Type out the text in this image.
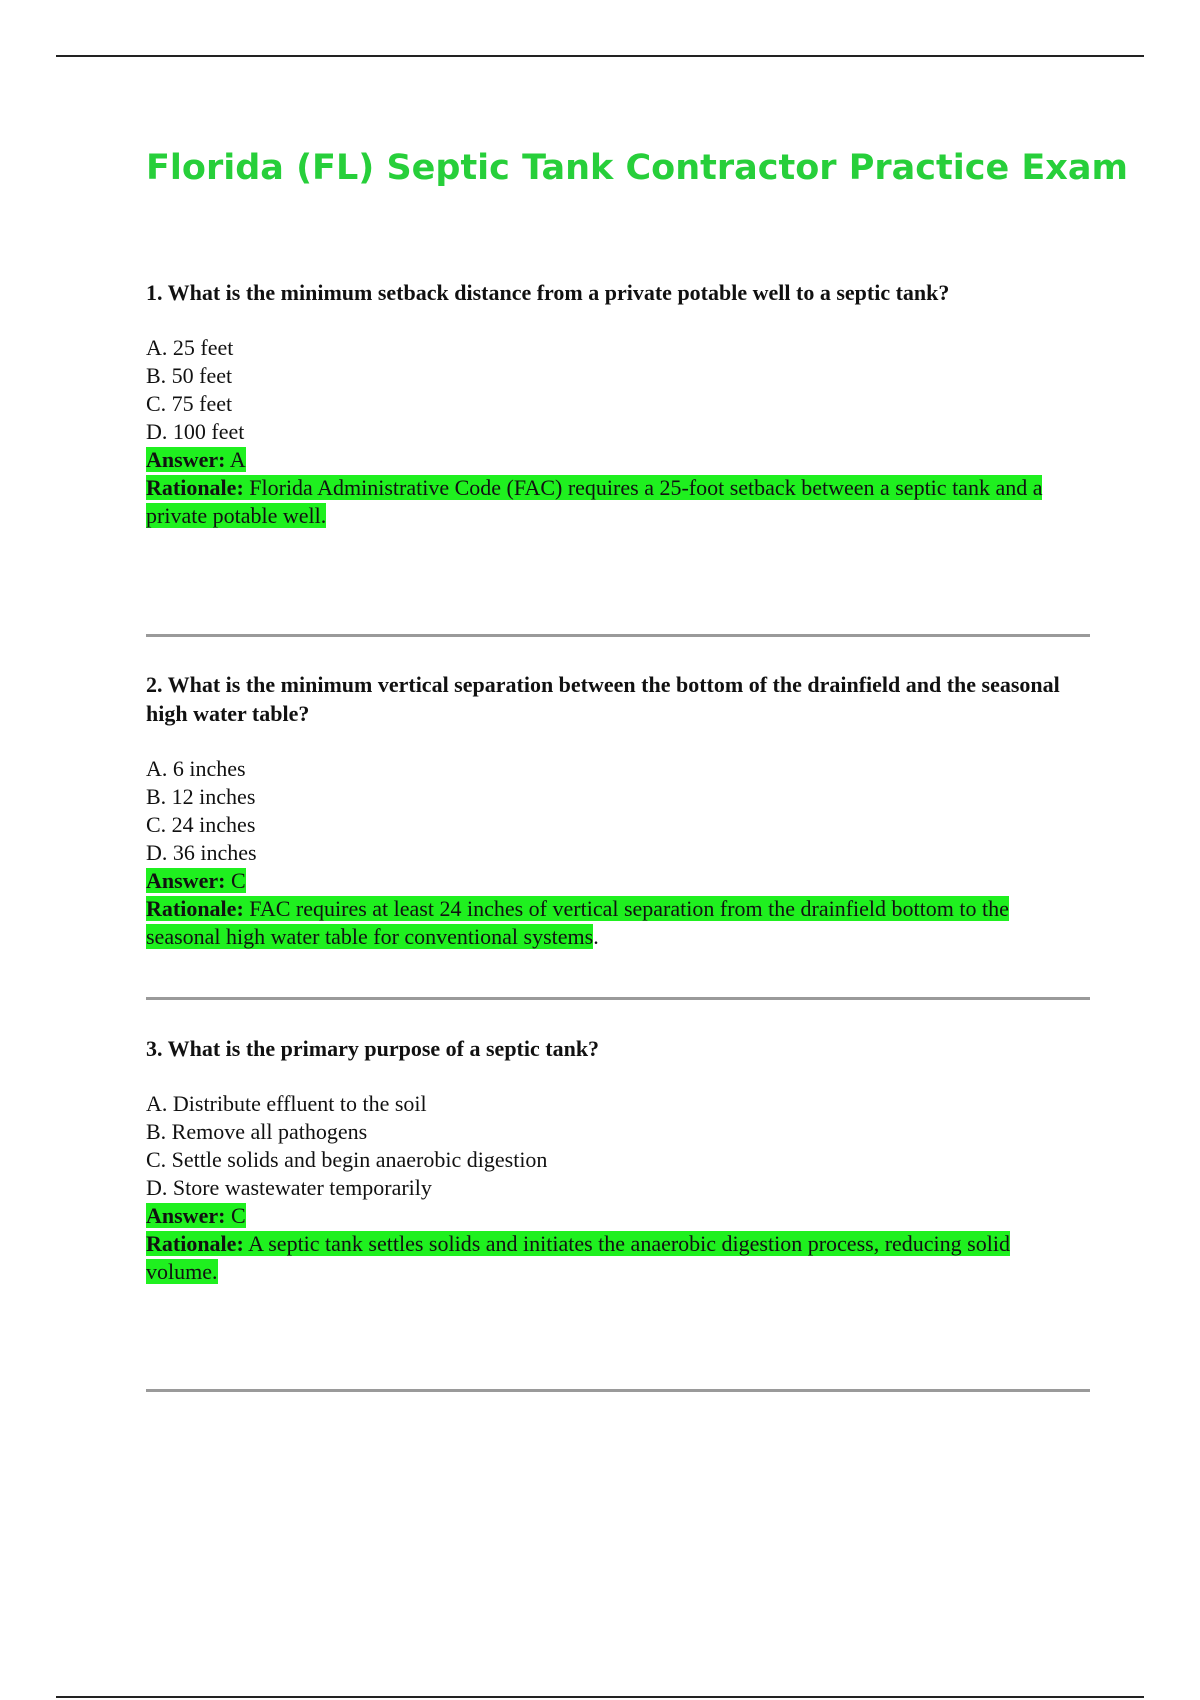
Florida (FL) Septic Tank Contractor Practice Exam

1. What is the minimum setback distance from a private potable well to a septic tank?

A. 25 feet
B. 50 feet
C. 75 feet
D. 100 feet

Answer: A

Rationale: Florida Administrative Code (FAC) requires a 25-foot setback between a septic tank and a private potable well.

2. What is the minimum vertical separation between the bottom of the drainfield and the seasonal high water table?

A. 6 inches
B. 12 inches
C. 24 inches
D. 36 inches

Answer: C

Rationale: FAC requires at least 24 inches of vertical separation from the drainfield bottom to the seasonal high water table for conventional systems.

3. What is the primary purpose of a septic tank?

A. Distribute effluent to the soil
B. Remove all pathogens
C. Settle solids and begin anaerobic digestion
D. Store wastewater temporarily

Answer: C

Rationale: A septic tank settles solids and initiates the anaerobic digestion process, reducing solid volume.
